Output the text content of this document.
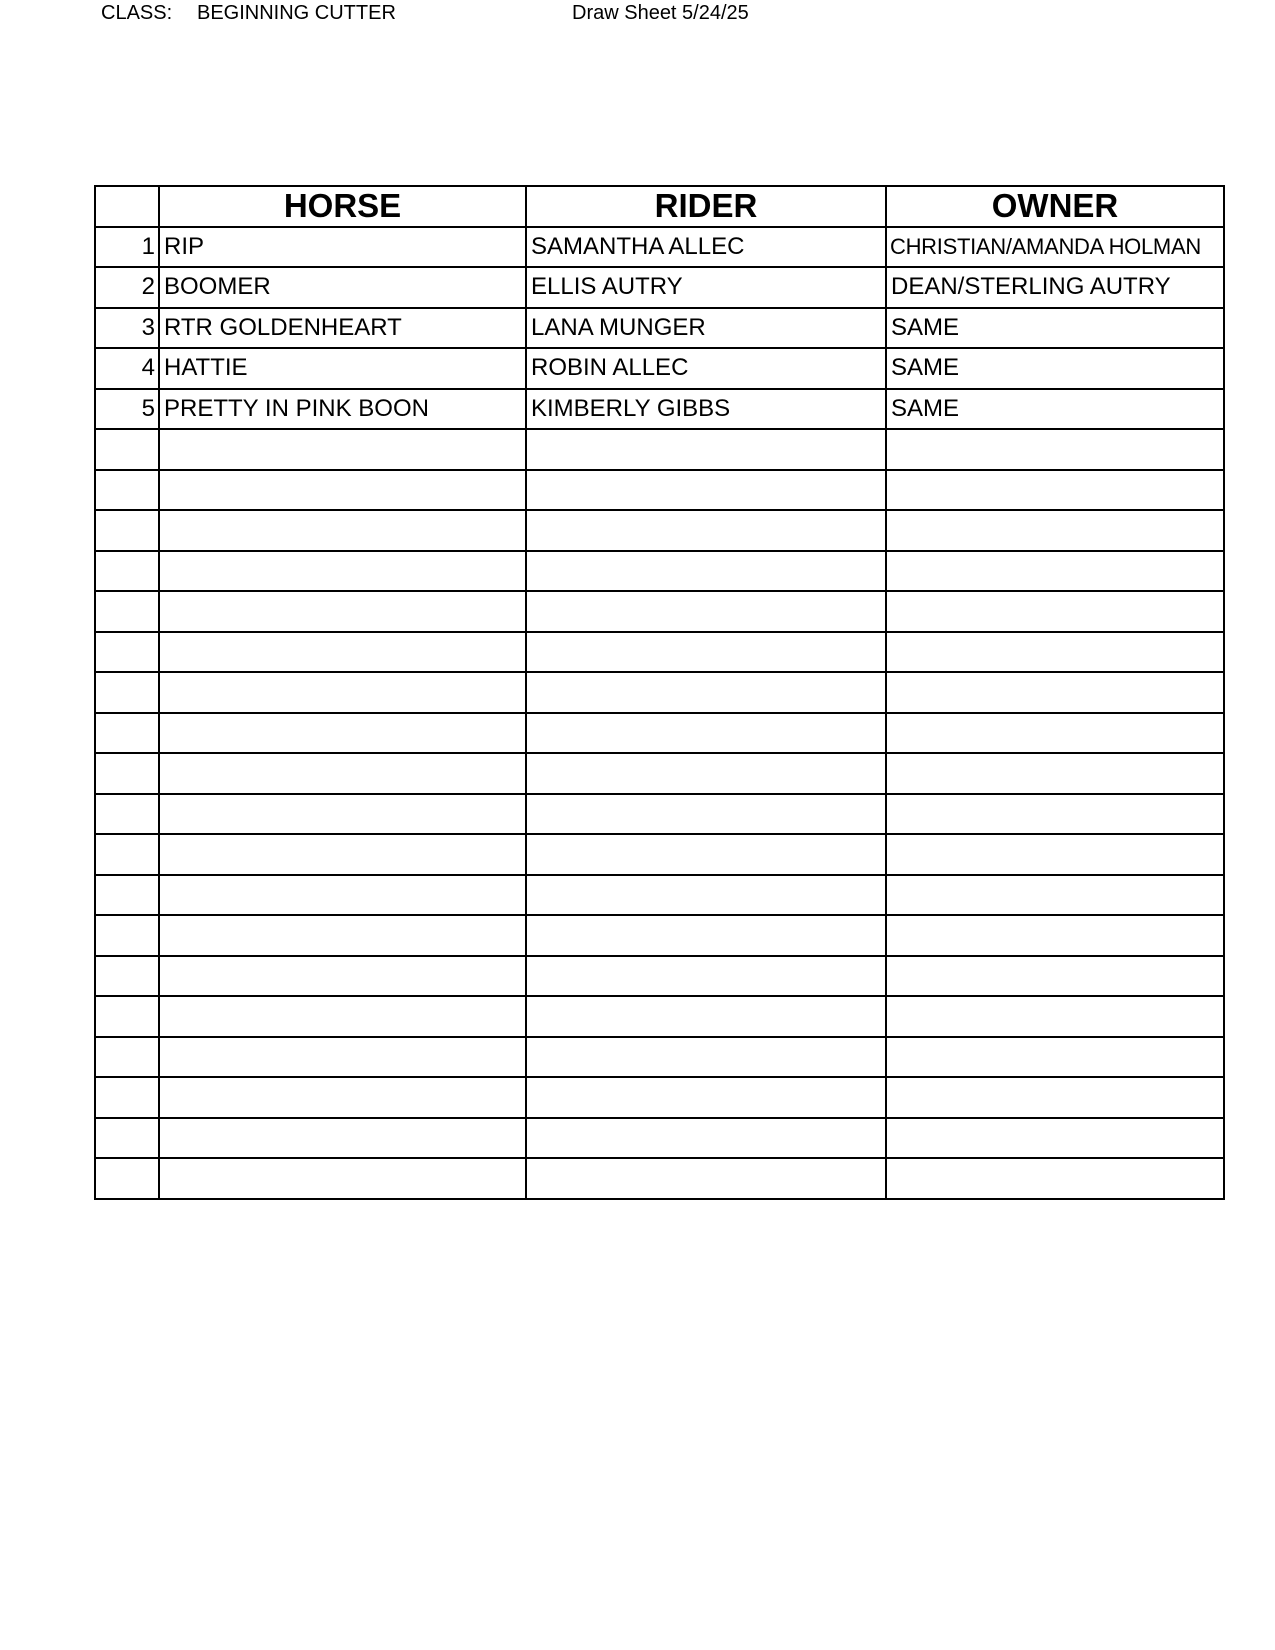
CLASS: BEGINNING CUTTER	Draw Sheet 5/24/25
	HORSE	RIDER	OWNER
1	RIP	SAMANTHA ALLEC	CHRISTIAN/AMANDA HOLMAN
2	BOOMER	ELLIS AUTRY	DEAN/STERLING AUTRY
3	RTR GOLDENHEART	LANA MUNGER	SAME
4	HATTIE	ROBIN ALLEC	SAME
5	PRETTY IN PINK BOON	KIMBERLY GIBBS	SAME
